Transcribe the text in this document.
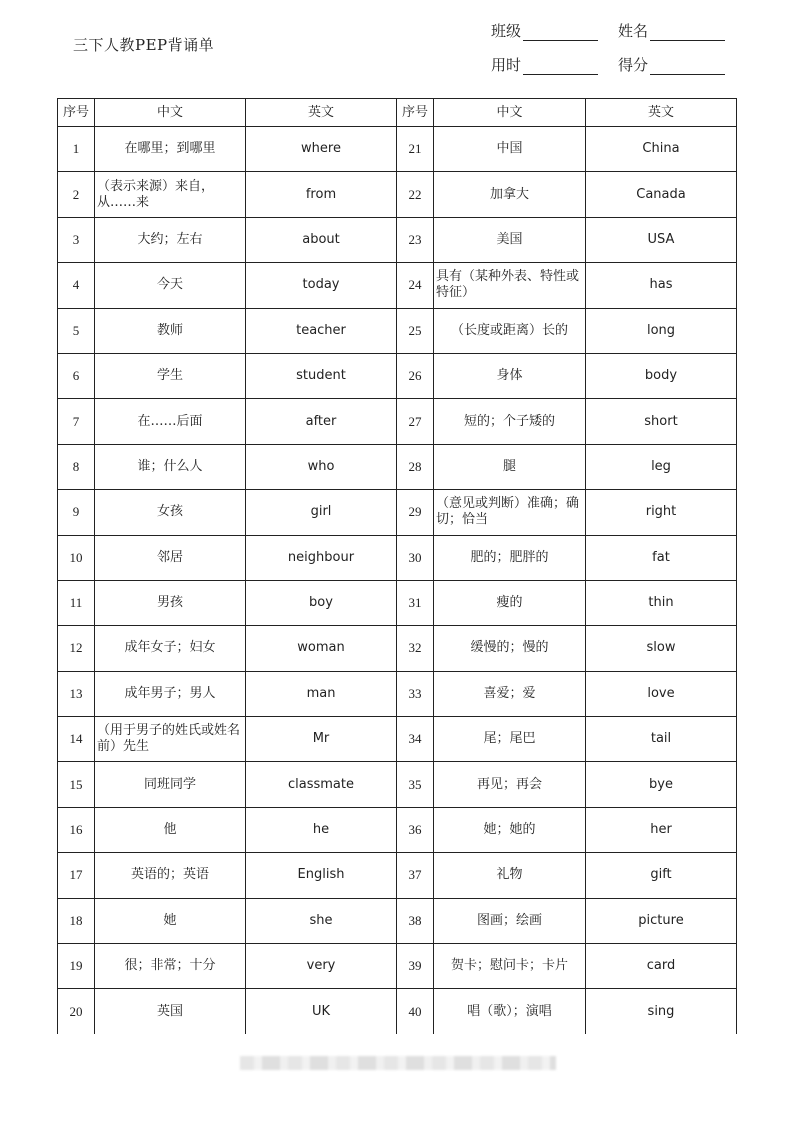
三下人教PEP背诵单
班级	姓名
用时	得分
序号	中文	英文	序号	中文	英文
1	在哪里；到哪里	where	21	中国	China
2	（表示来源）来自，从……来	from	22	加拿大	Canada
3	大约；左右	about	23	美国	USA
4	今天	today	24	具有（某种外表、特性或特征）	has
5	教师	teacher	25	（长度或距离）长的	long
6	学生	student	26	身体	body
7	在……后面	after	27	短的；个子矮的	short
8	谁；什么人	who	28	腿	leg
9	女孩	girl	29	（意见或判断）准确；确切；恰当	right
10	邻居	neighbour	30	肥的；肥胖的	fat
11	男孩	boy	31	瘦的	thin
12	成年女子；妇女	woman	32	缓慢的；慢的	slow
13	成年男子；男人	man	33	喜爱；爱	love
14	（用于男子的姓氏或姓名前）先生	Mr	34	尾；尾巴	tail
15	同班同学	classmate	35	再见；再会	bye
16	他	he	36	她；她的	her
17	英语的；英语	English	37	礼物	gift
18	她	she	38	图画；绘画	picture
19	很；非常；十分	very	39	贺卡；慰问卡；卡片	card
20	英国	UK	40	唱（歌）；演唱	sing
